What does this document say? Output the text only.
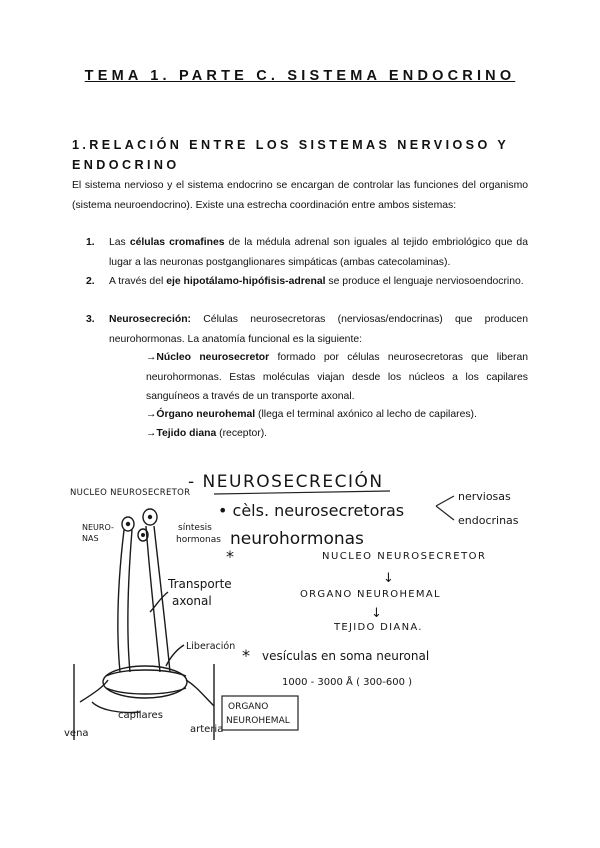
TEMA 1. PARTE C. SISTEMA ENDOCRINO
1.RELACIÓN ENTRE LOS SISTEMAS NERVIOSO Y
ENDOCRINO
El sistema nervioso y el sistema endocrino se encargan de controlar las funciones del organismo (sistema neuroendocrino). Existe una estrecha coordinación entre ambos sistemas:
1. Las células cromafines de la médula adrenal son iguales al tejido embriológico que da lugar a las neuronas postganglionares simpáticas (ambas catecolaminas).
2. A través del eje hipotálamo-hipófisis-adrenal se produce el lenguaje nerviosoendocrino.
3. Neurosecreción: Células neurosecretoras (nerviosas/endocrinas) que producen neurohormonas. La anatomía funcional es la siguiente:
→Núcleo neurosecretor formado por células neurosecretoras que liberan neurohormonas. Estas moléculas viajan desde los núcleos a los capilares sanguíneos a través de un transporte axonal.
→Órgano neurohemal (llega el terminal axónico al lecho de capilares).
→Tejido diana (receptor).
- NEUROSECRECIÓN
• cèls. neurosecretoras
nerviosas
endocrinas
neurohormonas
*	NUCLEO NEUROSECRETOR
↓
ORGANO NEUROHEMAL
↓
TEJIDO DIANA.
* vesículas en soma neuronal
1000 - 3000 Å ( 300-600 )
NUCLEO NEUROSECRETOR
NEURO-
NAS
síntesis
hormonas
Transporte
axonal
Liberación
capilares
vena	arteria
ORGANO
NEUROHEMAL
